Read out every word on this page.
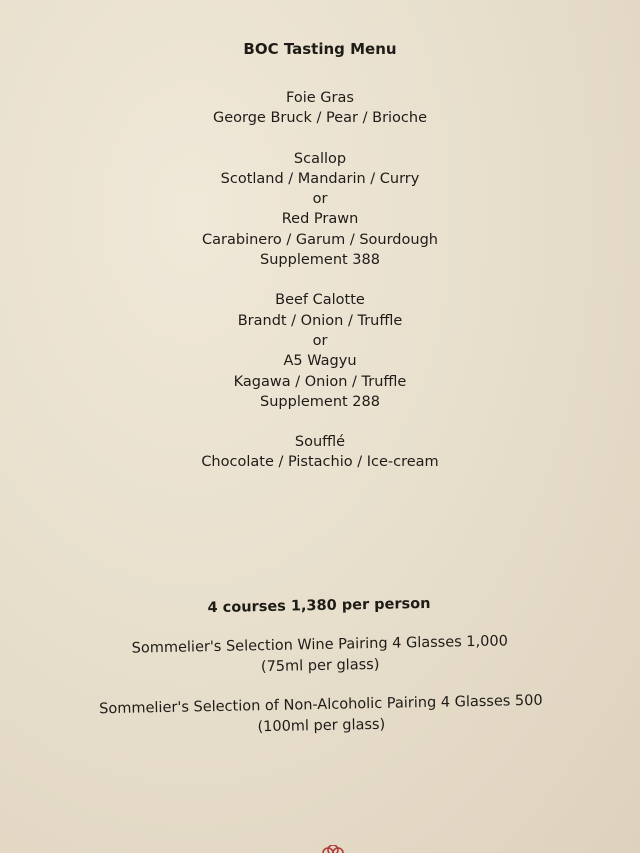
BOC Tasting Menu
Foie Gras
George Bruck / Pear / Brioche
Scallop
Scotland / Mandarin / Curry
or
Red Prawn
Carabinero / Garum / Sourdough
Supplement 388
Beef Calotte
Brandt / Onion / Truffle
or
A5 Wagyu
Kagawa / Onion / Truffle
Supplement 288
Soufflé
Chocolate / Pistachio / Ice-cream
4 courses 1,380 per person
Sommelier's Selection Wine Pairing 4 Glasses 1,000
(75ml per glass)
Sommelier's Selection of Non-Alcoholic Pairing 4 Glasses 500
(100ml per glass)
